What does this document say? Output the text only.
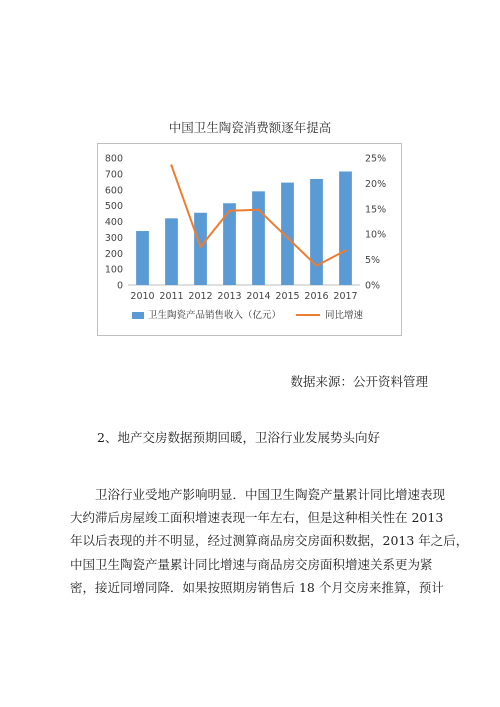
中国卫生陶瓷消费额逐年提高
0
100
200
300
400
500
600
700
800
0%
5%
10%
15%
20%
25%
2010 2011 2012 2013 2014 2015 2016 2017
卫生陶瓷产品销售收入（亿元）	同比增速
数据来源：公开资料管理
2、地产交房数据预期回暖，卫浴行业发展势头向好
卫浴行业受地产影响明显．中国卫生陶瓷产量累计同比增速表现
大约滞后房屋竣工面积增速表现一年左右，但是这种相关性在 2013
年以后表现的并不明显，经过测算商品房交房面积数据，2013 年之后，
中国卫生陶瓷产量累计同比增速与商品房交房面积增速关系更为紧
密，接近同增同降．如果按照期房销售后 18 个月交房来推算，预计
